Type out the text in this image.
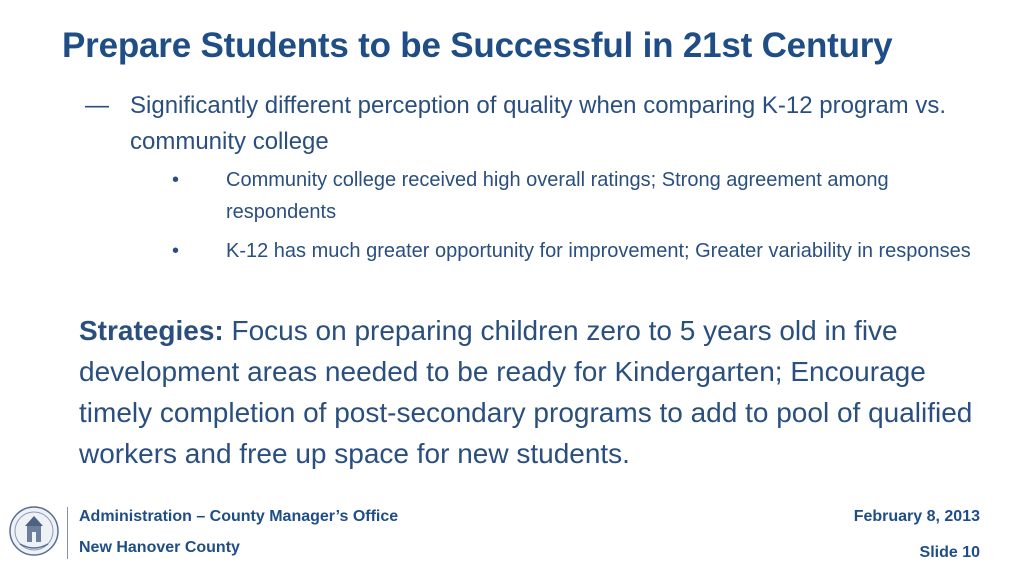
Prepare Students to be Successful in 21st Century
— Significantly different perception of quality when comparing K-12 program vs. community college
• Community college received high overall ratings; Strong agreement among respondents
• K-12 has much greater opportunity for improvement; Greater variability in responses

Strategies: Focus on preparing children zero to 5 years old in five development areas needed to be ready for Kindergarten; Encourage timely completion of post-secondary programs to add to pool of qualified workers and free up space for new students.

Administration – County Manager’s Office
New Hanover County
February 8, 2013
Slide 10
